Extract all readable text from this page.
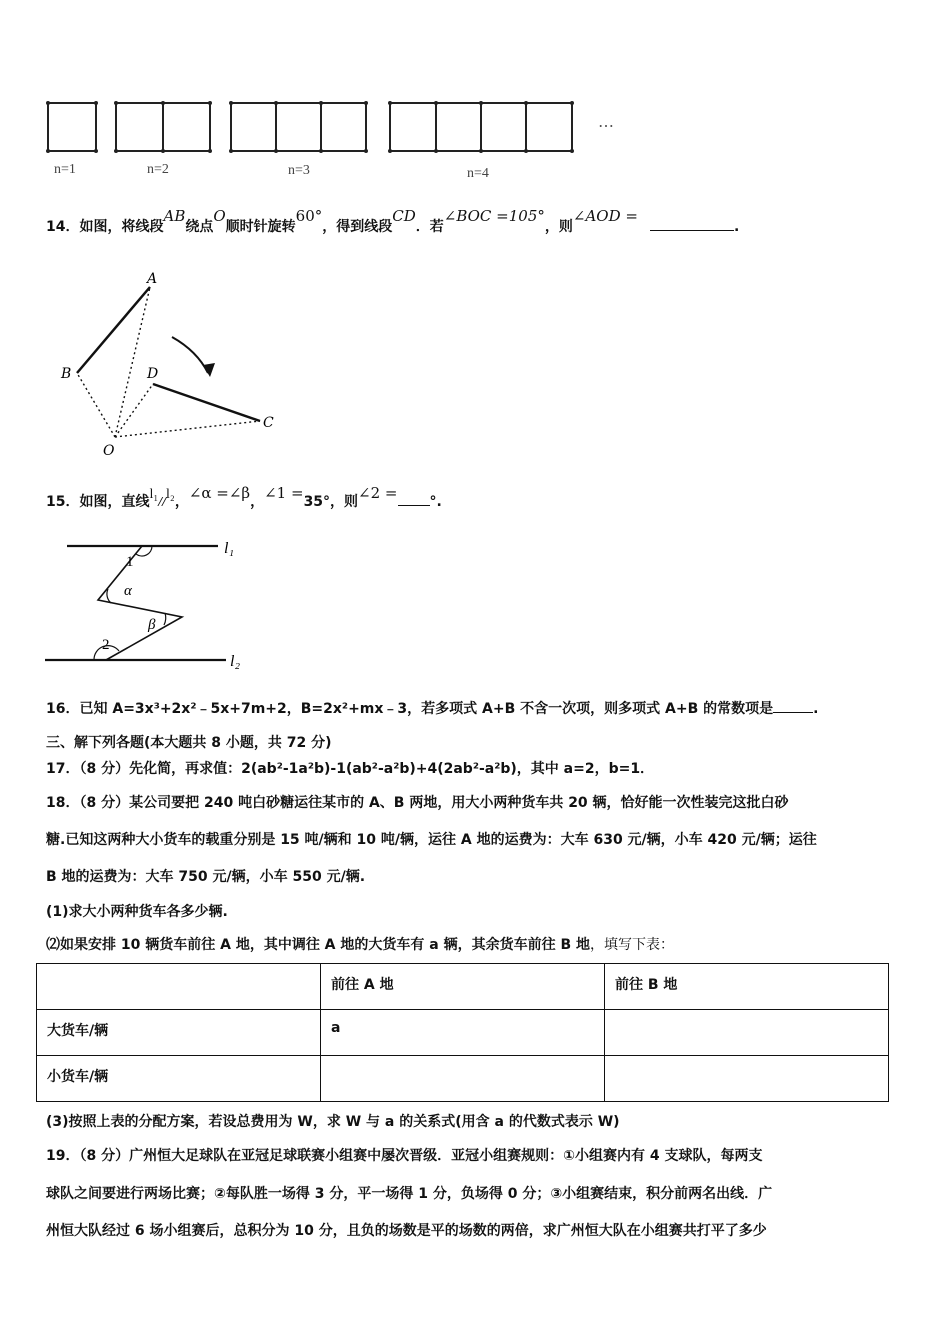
…
n=1	n=2	n=3	n=4
14．如图，将线段AB绕点O顺时针旋转60°，得到线段CD．若∠BOC =105°，则∠AOD =.
A
B	D
C
O
15．如图，直线l₁//l₂，∠α =∠β，∠1 =35°，则∠2 = °.
l₁
l₂
1
α
β
2
16．已知 A=3x³+2x²﹣5x+7m+2，B=2x²+mx﹣3，若多项式 A+B 不含一次项，则多项式 A+B 的常数项是	.
三、解下列各题(本大题共 8 小题，共 72 分)
17．（8 分）先化简，再求值：2(ab²-1a²b)-1(ab²-a²b)+4(2ab²-a²b)，其中 a=2，b=1．
18．（8 分）某公司要把 240 吨白砂糖运往某市的 A、B 两地，用大小两种货车共 20 辆，恰好能一次性装完这批白砂
糖.已知这两种大小货车的载重分别是 15 吨/辆和 10 吨/辆，运往 A 地的运费为：大车 630 元/辆，小车 420 元/辆；运往
B 地的运费为：大车 750 元/辆，小车 550 元/辆.
(1)求大小两种货车各多少辆.
⑵如果安排 10 辆货车前往 A 地，其中调往 A 地的大货车有 a 辆，其余货车前往 B 地，填写下表：
	前往 A 地	前往 B 地
大货车/辆	a	
小货车/辆		
(3)按照上表的分配方案，若设总费用为 W，求 W 与 a 的关系式(用含 a 的代数式表示 W)
19．（8 分）广州恒大足球队在亚冠足球联赛小组赛中屡次晋级．亚冠小组赛规则：①小组赛内有 4 支球队，每两支
球队之间要进行两场比赛；②每队胜一场得 3 分，平一场得 1 分，负场得 0 分；③小组赛结束，积分前两名出线．广
州恒大队经过 6 场小组赛后，总积分为 10 分，且负的场数是平的场数的两倍，求广州恒大队在小组赛共打平了多少
